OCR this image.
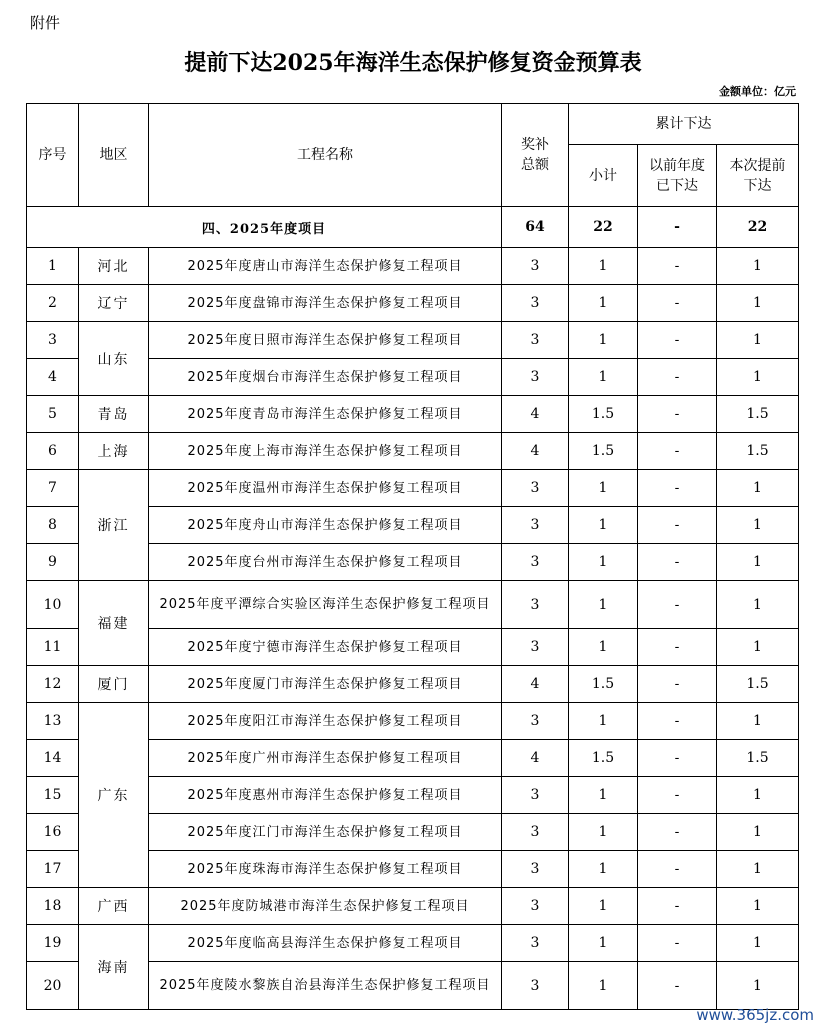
附件
提前下达2025年海洋生态保护修复资金预算表
金额单位：亿元
序号	地区	工程名称	奖补总额	累计下达		
				小计	以前年度已下达	本次提前下达

四、2025年度项目			64	22	-	22
1	河北	2025年度唐山市海洋生态保护修复工程项目	3	1	-	1
2	辽宁	2025年度盘锦市海洋生态保护修复工程项目	3	1	-	1
3	山东	2025年度日照市海洋生态保护修复工程项目	3	1	-	1
4		2025年度烟台市海洋生态保护修复工程项目	3	1	-	1
5	青岛	2025年度青岛市海洋生态保护修复工程项目	4	1.5	-	1.5
6	上海	2025年度上海市海洋生态保护修复工程项目	4	1.5	-	1.5
7	浙江	2025年度温州市海洋生态保护修复工程项目	3	1	-	1
8		2025年度舟山市海洋生态保护修复工程项目	3	1	-	1
9		2025年度台州市海洋生态保护修复工程项目	3	1	-	1
10	福建	2025年度平潭综合实验区海洋生态保护修复工程项目	3	1	-	1
11		2025年度宁德市海洋生态保护修复工程项目	3	1	-	1
12	厦门	2025年度厦门市海洋生态保护修复工程项目	4	1.5	-	1.5
13	广东	2025年度阳江市海洋生态保护修复工程项目	3	1	-	1
14		2025年度广州市海洋生态保护修复工程项目	4	1.5	-	1.5
15		2025年度惠州市海洋生态保护修复工程项目	3	1	-	1
16		2025年度江门市海洋生态保护修复工程项目	3	1	-	1
17		2025年度珠海市海洋生态保护修复工程项目	3	1	-	1
18	广西	2025年度防城港市海洋生态保护修复工程项目	3	1	-	1
19	海南	2025年度临高县海洋生态保护修复工程项目	3	1	-	1
20		2025年度陵水黎族自治县海洋生态保护修复工程项目	3	1	-	1
www.365jz.com
